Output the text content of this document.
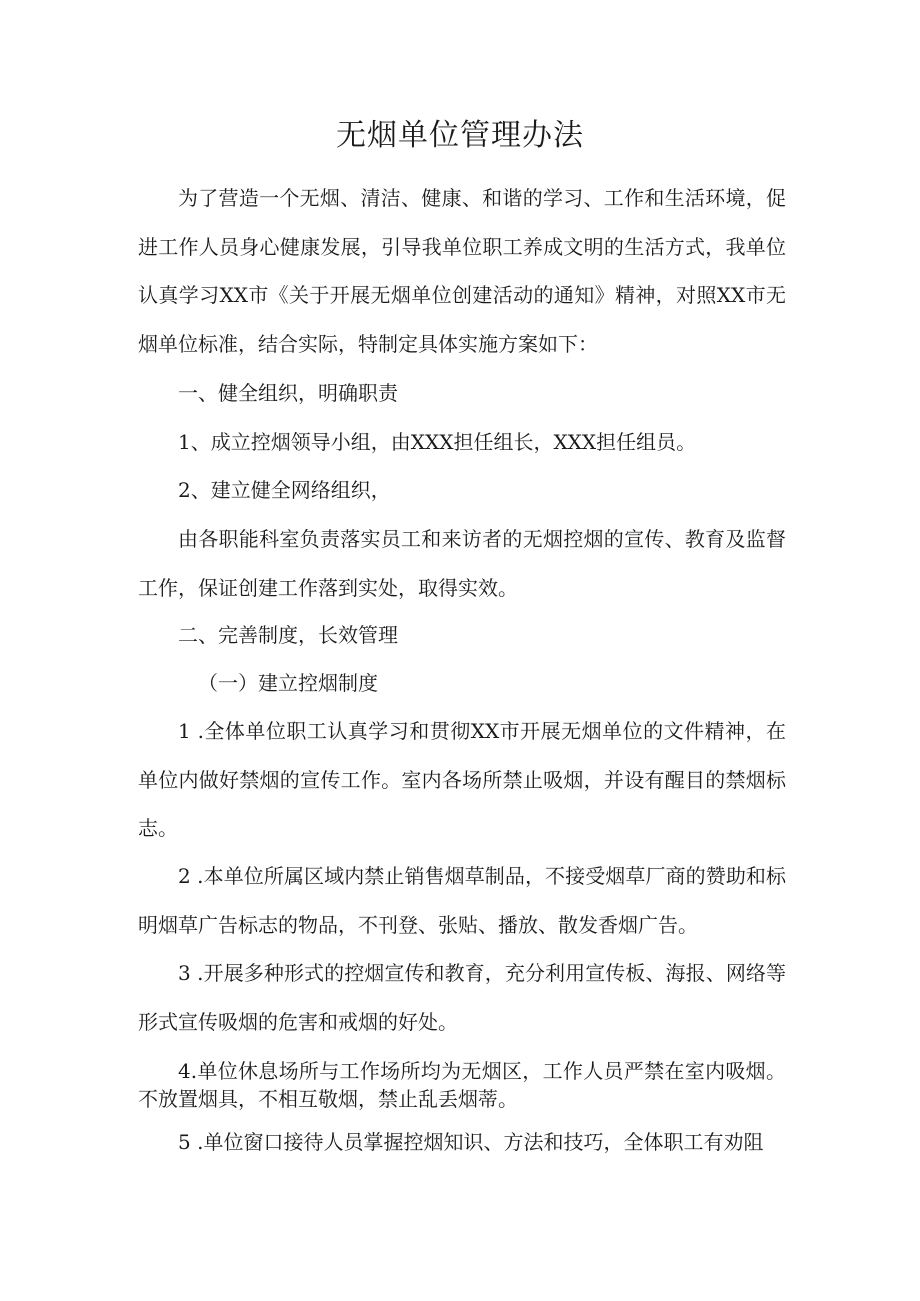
无烟单位管理办法

为了营造一个无烟、清洁、健康、和谐的学习、工作和生活环境，促进工作人员身心健康发展，引导我单位职工养成文明的生活方式，我单位认真学习XX市《关于开展无烟单位创建活动的通知》精神，对照XX市无烟单位标准，结合实际，特制定具体实施方案如下：

一、健全组织，明确职责

1、成立控烟领导小组，由XXX担任组长，XXX担任组员。

2、建立健全网络组织，

由各职能科室负责落实员工和来访者的无烟控烟的宣传、教育及监督工作，保证创建工作落到实处，取得实效。

二、完善制度，长效管理

（一）建立控烟制度

1 .全体单位职工认真学习和贯彻XX市开展无烟单位的文件精神，在单位内做好禁烟的宣传工作。室内各场所禁止吸烟，并设有醒目的禁烟标志。

2 .本单位所属区域内禁止销售烟草制品，不接受烟草厂商的赞助和标明烟草广告标志的物品，不刊登、张贴、播放、散发香烟广告。

3 .开展多种形式的控烟宣传和教育，充分利用宣传板、海报、网络等形式宣传吸烟的危害和戒烟的好处。

4.单位休息场所与工作场所均为无烟区，工作人员严禁在室内吸烟。不放置烟具，不相互敬烟，禁止乱丢烟蒂。

5 .单位窗口接待人员掌握控烟知识、方法和技巧，全体职工有劝阻
